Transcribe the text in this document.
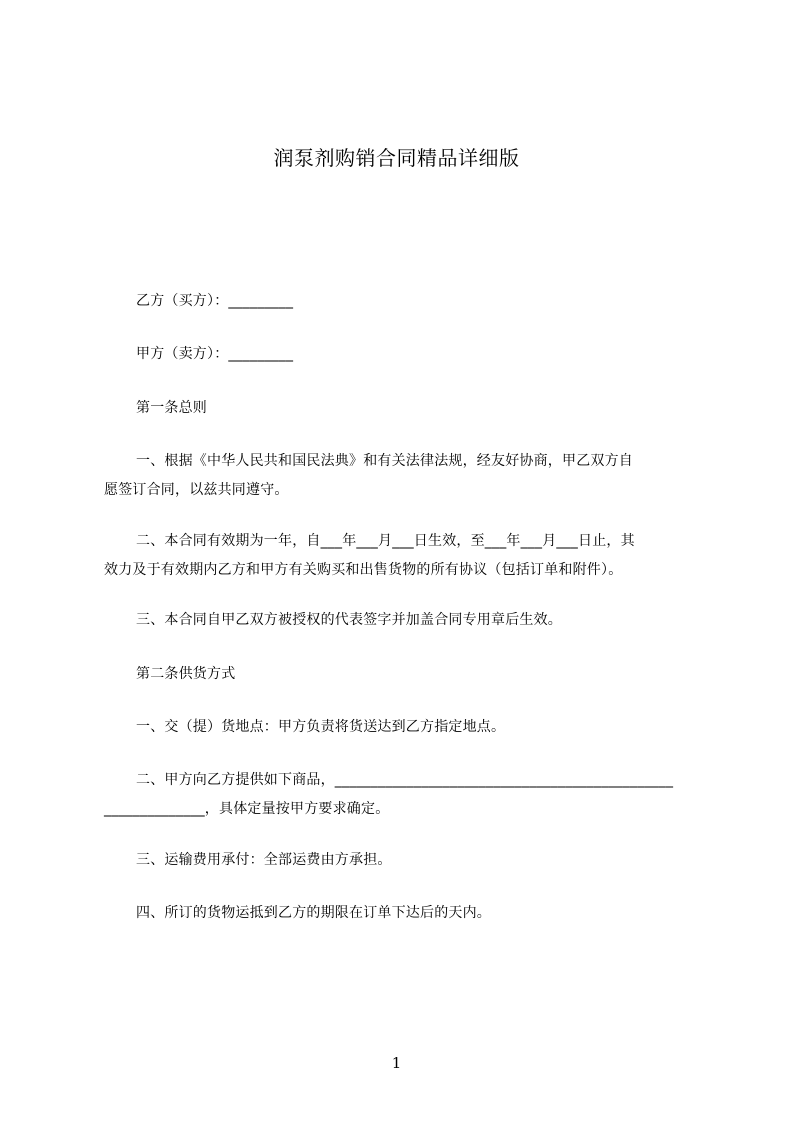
润泵剂购销合同精品详细版
乙方（买方）：_________
甲方（卖方）：_________
第一条总则
一、根据《中华人民共和国民法典》和有关法律法规，经友好协商，甲乙双方自
愿签订合同，以兹共同遵守。
二、本合同有效期为一年，自___年___月___日生效，至___年___月___日止，其
效力及于有效期内乙方和甲方有关购买和出售货物的所有协议（包括订单和附件）。
三、本合同自甲乙双方被授权的代表签字并加盖合同专用章后生效。
第二条供货方式
一、交（提）货地点：甲方负责将货送达到乙方指定地点。
二、甲方向乙方提供如下商品，_______________________________________________
______________，具体定量按甲方要求确定。
三、运输费用承付：全部运费由方承担。
四、所订的货物运抵到乙方的期限在订单下达后的天内。
1
